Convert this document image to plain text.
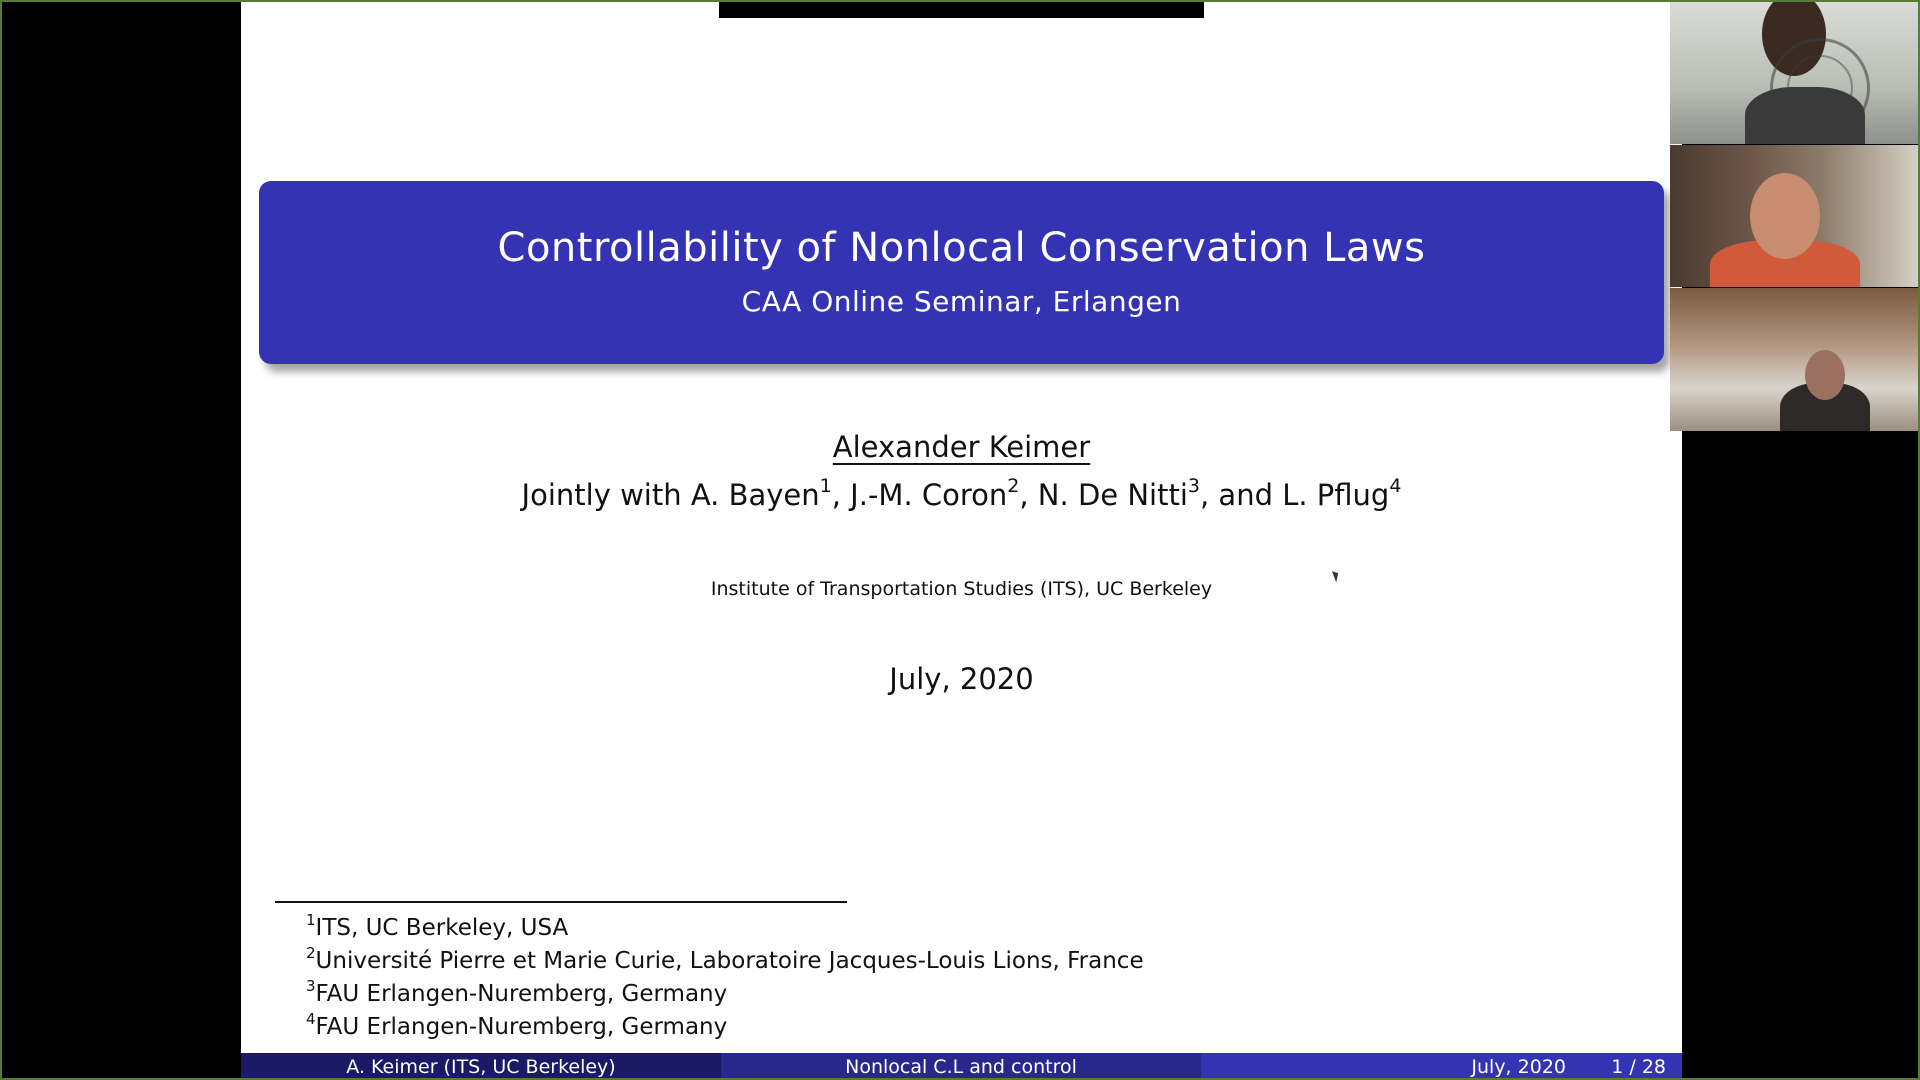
Controllability of Nonlocal Conservation Laws
CAA Online Seminar, Erlangen
Alexander Keimer
Jointly with A. Bayen$^1$, J.-M. Coron$^2$, N. De Nitti$^3$, and L. Pflug$^4$
Institute of Transportation Studies (ITS), UC Berkeley
July, 2020
$^1$ITS, UC Berkeley, USA
$^2$Université Pierre et Marie Curie, Laboratoire Jacques-Louis Lions, France
$^3$FAU Erlangen-Nuremberg, Germany
$^4$FAU Erlangen-Nuremberg, Germany
A. Keimer (ITS, UC Berkeley)	Nonlocal C.L and control	July, 2020 1 / 28
